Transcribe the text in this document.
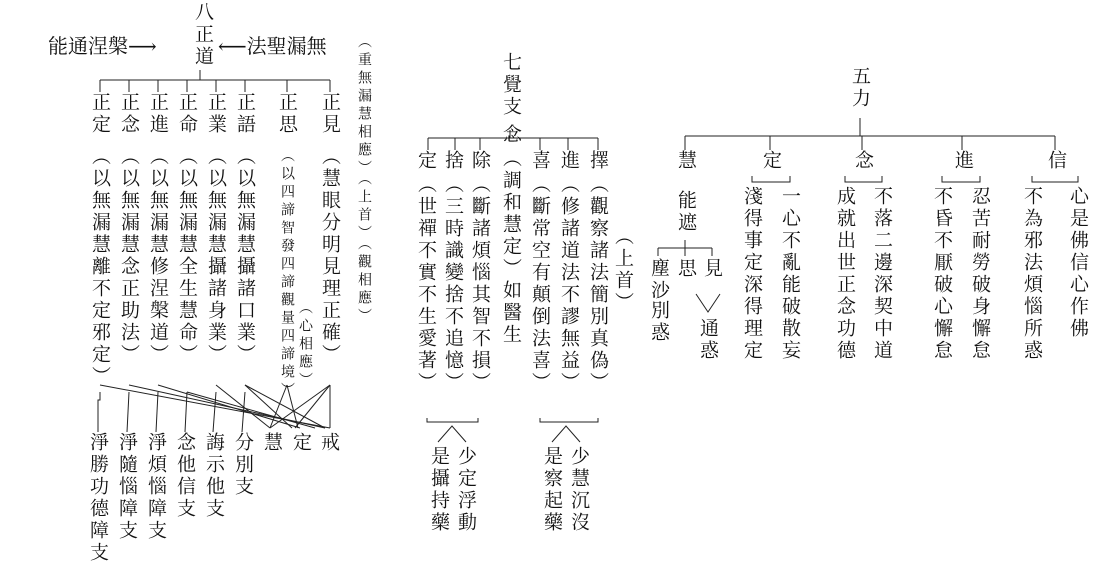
八正道
能通涅槃⟶	⟵法聖漏無 （重無漏慧相應）（上首）（觀相應）
正見
（慧眼分明見理正確）
正思
（以四諦智發四諦觀量四諦境） （心相應）
正語
（以無漏慧攝諸口業）
正業
（以無漏慧攝諸身業）
正命
（以無漏慧全生慧命）
正進
（以無漏慧修涅槃道）
正念
（以無漏慧念正助法）
正定
（以無漏慧離不定邪定）
戒
定
慧
分別支
誨示他支
念他信支
淨煩惱障支
淨隨惱障支
淨勝功德障支
七覺支
念
（調和慧定）如醫生	（上首）
擇
（觀察諸法簡別真偽）
進
（修諸道法不謬無益）
喜
（斷常空有顛倒法喜）
除
（斷諸煩惱其智不損）
捨
（三時識變捨不追憶）
定
（世禪不實不生愛著）
少慧沉沒
是察起藥
少定浮動
是攝持藥
五力
信
心是佛信心作佛
不為邪法煩惱所惑
進
忍苦耐勞破身懈怠
不昏不厭破心懈怠
念
不落二邊深契中道
成就出世正念功德
定
一心不亂能破散妄
淺得事定深得理定
慧
能遮
見
思
塵沙
通惑
別惑
